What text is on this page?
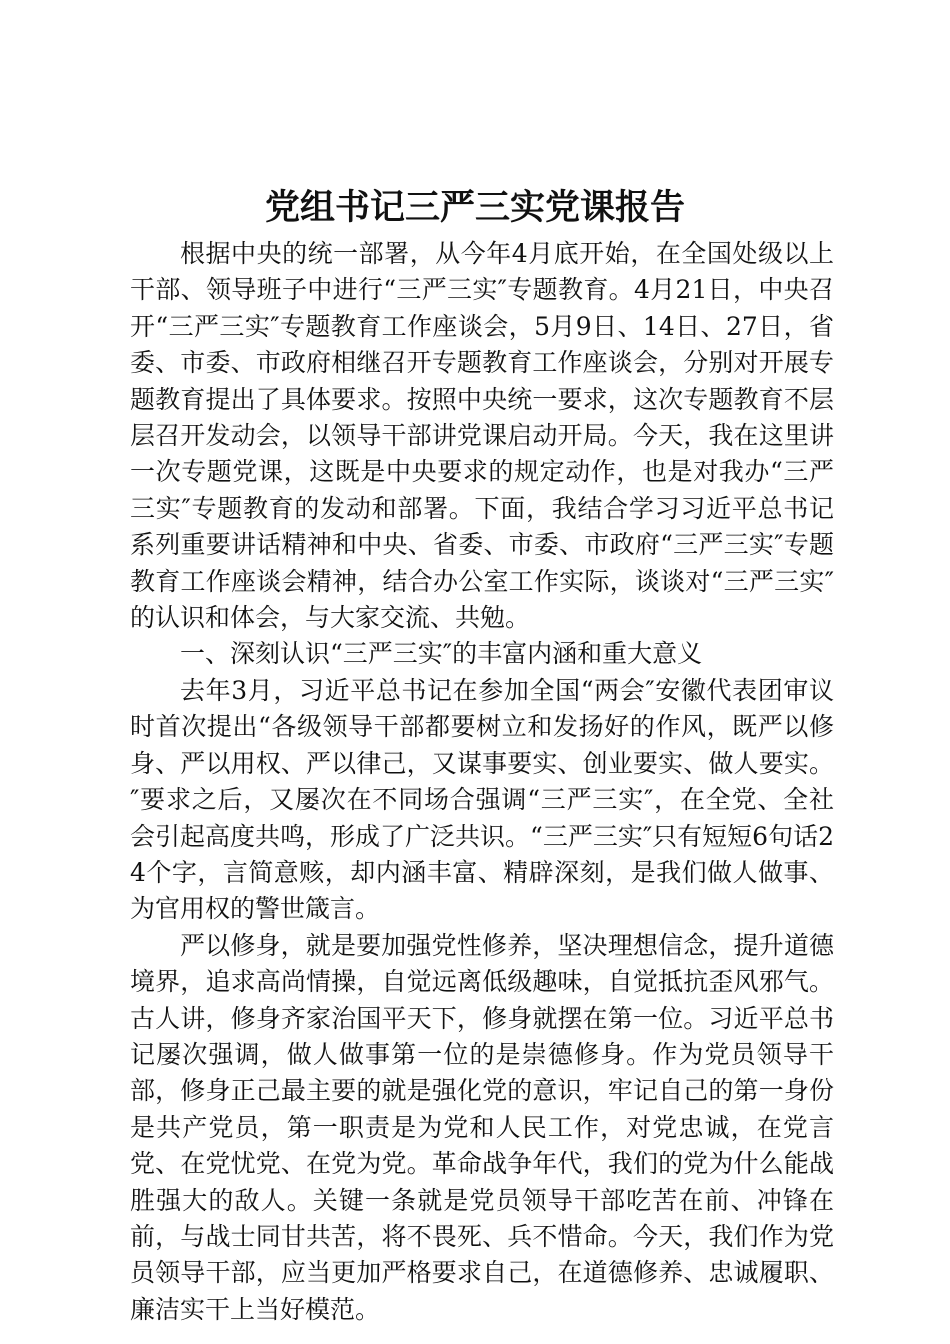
党组书记三严三实党课报告

根据中央的统一部署，从今年4月底开始，在全国处级以上干部、领导班子中进行“三严三实″专题教育。4月21日，中央召开“三严三实″专题教育工作座谈会，5月9日、14日、27日，省委、市委、市政府相继召开专题教育工作座谈会，分别对开展专题教育提出了具体要求。按照中央统一要求，这次专题教育不层层召开发动会，以领导干部讲党课启动开局。今天，我在这里讲一次专题党课，这既是中央要求的规定动作，也是对我办“三严三实″专题教育的发动和部署。下面，我结合学习习近平总书记系列重要讲话精神和中央、省委、市委、市政府“三严三实″专题教育工作座谈会精神，结合办公室工作实际，谈谈对“三严三实″的认识和体会，与大家交流、共勉。

一、深刻认识“三严三实″的丰富内涵和重大意义

去年3月，习近平总书记在参加全国“两会″安徽代表团审议时首次提出“各级领导干部都要树立和发扬好的作风，既严以修身、严以用权、严以律己，又谋事要实、创业要实、做人要实。″要求之后，又屡次在不同场合强调“三严三实″，在全党、全社会引起高度共鸣，形成了广泛共识。“三严三实″只有短短6句话24个字，言简意赅，却内涵丰富、精辟深刻，是我们做人做事、为官用权的警世箴言。

严以修身，就是要加强党性修养，坚决理想信念，提升道德境界，追求高尚情操，自觉远离低级趣味，自觉抵抗歪风邪气。古人讲，修身齐家治国平天下，修身就摆在第一位。习近平总书记屡次强调，做人做事第一位的是崇德修身。作为党员领导干部，修身正己最主要的就是强化党的意识，牢记自己的第一身份是共产党员，第一职责是为党和人民工作，对党忠诚，在党言党、在党忧党、在党为党。革命战争年代，我们的党为什么能战胜强大的敌人。关键一条就是党员领导干部吃苦在前、冲锋在前，与战士同甘共苦，将不畏死、兵不惜命。今天，我们作为党员领导干部，应当更加严格要求自己，在道德修养、忠诚履职、廉洁实干上当好模范。
